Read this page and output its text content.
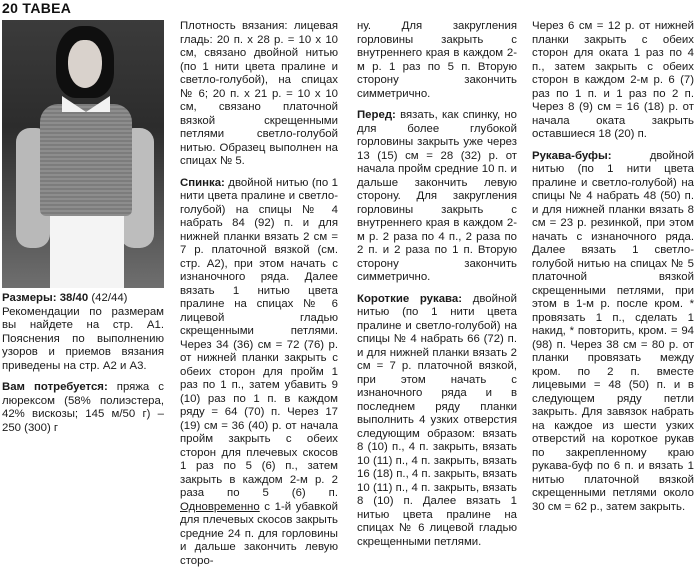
20 ТАВЕА

Размеры: 38/40 (42/44)
Рекомендации по размерам вы найдете на стр. А1. Пояснения по выполнению узоров и приемов вязания приведены на стр. А2 и А3.

Вам потребуется: пряжа с люрексом (58% полиэстера, 42% вискозы; 145 м/50 г) – 250 (300) г

Плотность вязания: лицевая гладь: 20 п. x 28 р. = 10 x 10 см, связано двойной нитью (по 1 нити цвета пралине и светло-голубой), на спицах № 6; 20 п. x 21 р. = 10 x 10 см, связано платочной вязкой скрещенными петлями светло-голубой нитью. Образец выполнен на спицах № 5.

Спинка: двойной нитью (по 1 нити цвета пралине и светло-голубой) на спицы № 4 набрать 84 (92) п. и для нижней планки вязать 2 см = 7 р. платочной вязкой (см. стр. А2), при этом начать с изнаночного ряда. Далее вязать 1 нитью цвета пралине на спицах № 6 лицевой гладью скрещенными петлями. Через 34 (36) см = 72 (76) р. от нижней планки закрыть с обеих сторон для пройм 1 раз по 1 п., затем убавить 9 (10) раз по 1 п. в каждом ряду = 64 (70) п. Через 17 (19) см = 36 (40) р. от начала пройм закрыть с обеих сторон для плечевых скосов 1 раз по 5 (6) п., затем закрыть в каждом 2-м р. 2 раза по 5 (6) п. Одновременно с 1-й убавкой для плечевых скосов закрыть средние 24 п. для горловины и дальше закончить левую сторо-

ну. Для закругления горловины закрыть с внутреннего края в каждом 2-м р. 1 раз по 5 п. Вторую сторону закончить симметрично.

Перед: вязать, как спинку, но для более глубокой горловины закрыть уже через 13 (15) см = 28 (32) р. от начала пройм средние 10 п. и дальше закончить левую сторону. Для закругления горловины закрыть с внутреннего края в каждом 2-м р. 2 раза по 4 п., 2 раза по 2 п. и 2 раза по 1 п. Вторую сторону закончить симметрично.

Короткие рукава: двойной нитью (по 1 нити цвета пралине и светло-голубой) на спицы № 4 набрать 66 (72) п. и для нижней планки вязать 2 см = 7 р. платочной вязкой, при этом начать с изнаночного ряда и в последнем ряду планки выполнить 4 узких отверстия следующим образом: вязать 8 (10) п., 4 п. закрыть, вязать 10 (11) п., 4 п. закрыть, вязать 16 (18) п., 4 п. закрыть, вязать 10 (11) п., 4 п. закрыть, вязать 8 (10) п. Далее вязать 1 нитью цвета пралине на спицах № 6 лицевой гладью скрещенными петлями.

Через 6 см = 12 р. от нижней планки закрыть с обеих сторон для оката 1 раз по 4 п., затем закрыть с обеих сторон в каждом 2-м р. 6 (7) раз по 1 п. и 1 раз по 2 п. Через 8 (9) см = 16 (18) р. от начала оката закрыть оставшиеся 18 (20) п.

Рукава-буфы: двойной нитью (по 1 нити цвета пралине и светло-голубой) на спицы № 4 набрать 48 (50) п. и для нижней планки вязать 8 см = 23 р. резинкой, при этом начать с изнаночного ряда. Далее вязать 1 светло-голубой нитью на спицах № 5 платочной вязкой скрещенными петлями, при этом в 1-м р. после кром. * провязать 1 п., сделать 1 накид, * повторить, кром. = 94 (98) п. Через 38 см = 80 р. от планки провязать между кром. по 2 п. вместе лицевыми = 48 (50) п. и в следующем ряду петли закрыть. Для завязок набрать на каждое из шести узких отверстий на короткое рукав по закрепленному краю рукава-буф по 6 п. и вязать 1 нитью платочной вязкой скрещенными петлями около 30 см = 62 р., затем закрыть.
